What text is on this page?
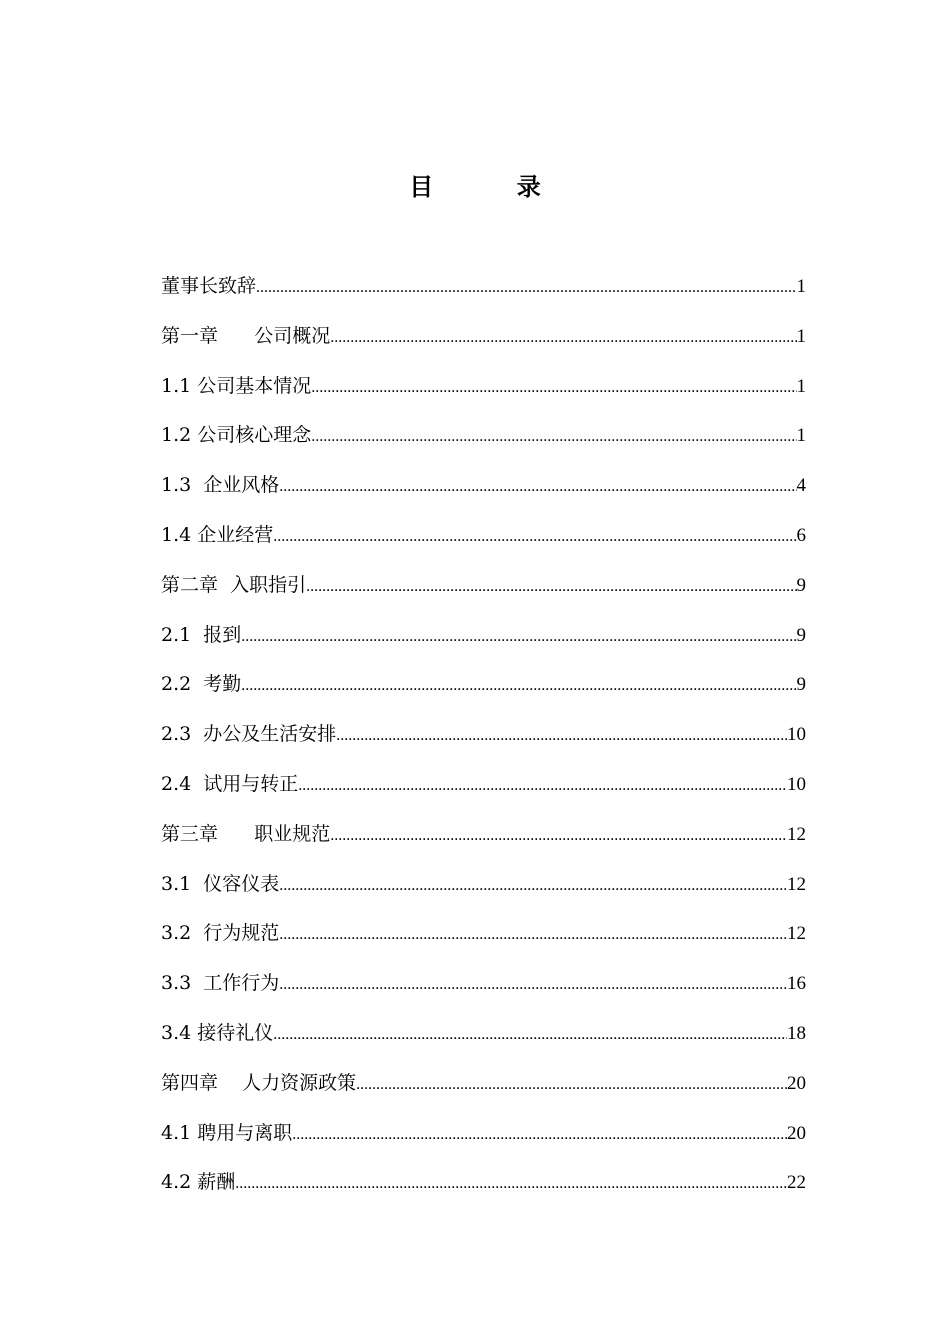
目          录
董事长致辞 .....	1
第一章      公司概况 .....	1
1.1 公司基本情况 .....	1
1.2 公司核心理念 .....	1
1.3  企业风格 .....	4
1.4 企业经营 .....	6
第二章  入职指引 .....	9
2.1  报到 .....	9
2.2  考勤 .....	9
2.3  办公及生活安排 .....	10
2.4  试用与转正 .....	10
第三章      职业规范 .....	12
3.1  仪容仪表 .....	12
3.2  行为规范 .....	12
3.3  工作行为 .....	16
3.4 接待礼仪 .....	18
第四章    人力资源政策 .....	20
4.1 聘用与离职 .....	20
4.2 薪酬 .....	22
